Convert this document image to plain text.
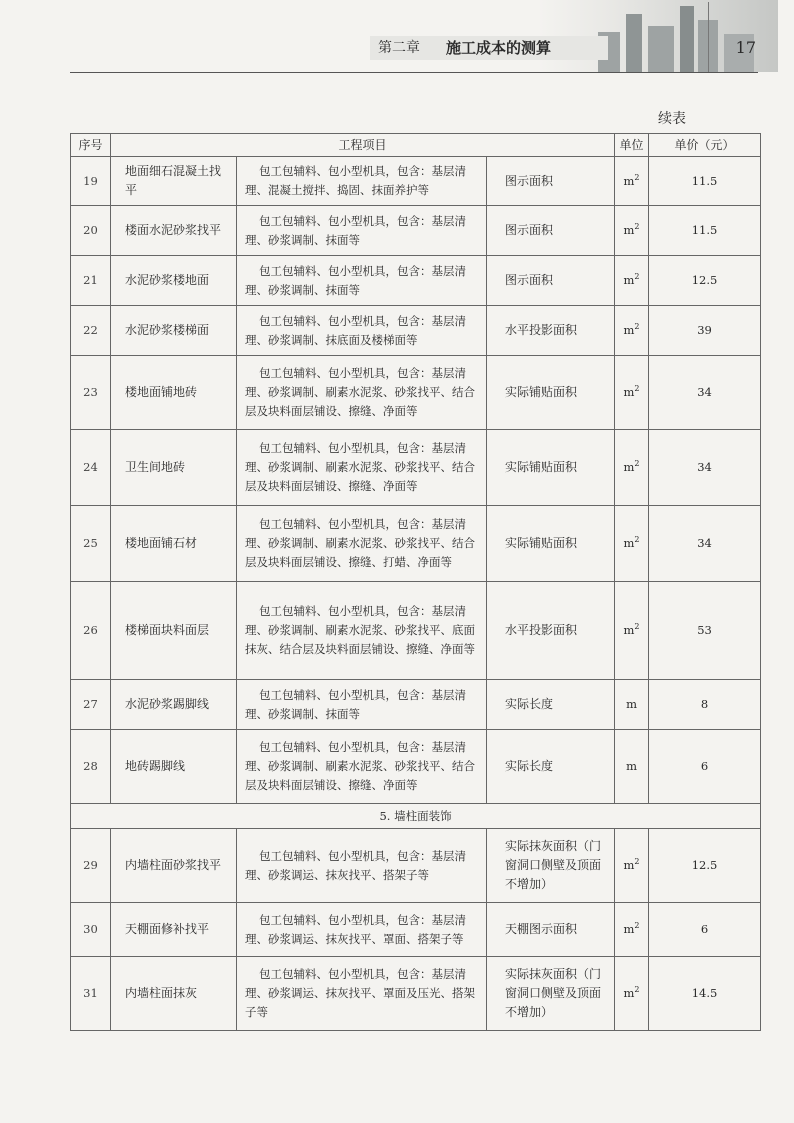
第二章 施工成本的测算	17
续表
序号	工程项目			单位	单价（元）
19	地面细石混凝土找平	包工包辅料、包小型机具，包含：基层清理、混凝土搅拌、捣固、抹面养护等	图示面积	$m^2$	11.5
20	楼面水泥砂浆找平	包工包辅料、包小型机具，包含：基层清理、砂浆调制、抹面等	图示面积	$m^2$	11.5
21	水泥砂浆楼地面	包工包辅料、包小型机具，包含：基层清理、砂浆调制、抹面等	图示面积	$m^2$	12.5
22	水泥砂浆楼梯面	包工包辅料、包小型机具，包含：基层清理、砂浆调制、抹底面及楼梯面等	水平投影面积	$m^2$	39
23	楼地面铺地砖	包工包辅料、包小型机具，包含：基层清理、砂浆调制、刷素水泥浆、砂浆找平、结合层及块料面层铺设、擦缝、净面等	实际铺贴面积	$m^2$	34
24	卫生间地砖	包工包辅料、包小型机具，包含：基层清理、砂浆调制、刷素水泥浆、砂浆找平、结合层及块料面层铺设、擦缝、净面等	实际铺贴面积	$m^2$	34
25	楼地面铺石材	包工包辅料、包小型机具，包含：基层清理、砂浆调制、刷素水泥浆、砂浆找平、结合层及块料面层铺设、擦缝、打蜡、净面等	实际铺贴面积	$m^2$	34
26	楼梯面块料面层	包工包辅料、包小型机具，包含：基层清理、砂浆调制、刷素水泥浆、砂浆找平、底面抹灰、结合层及块料面层铺设、擦缝、净面等	水平投影面积	$m^2$	53
27	水泥砂浆踢脚线	包工包辅料、包小型机具，包含：基层清理、砂浆调制、抹面等	实际长度	m	8
28	地砖踢脚线	包工包辅料、包小型机具，包含：基层清理、砂浆调制、刷素水泥浆、砂浆找平、结合层及块料面层铺设、擦缝、净面等	实际长度	m	6
5. 墙柱面装饰					
29	内墙柱面砂浆找平	包工包辅料、包小型机具，包含：基层清理、砂浆调运、抹灰找平、搭架子等	实际抹灰面积（门窗洞口侧壁及顶面不增加）	$m^2$	12.5
30	天棚面修补找平	包工包辅料、包小型机具，包含：基层清理、砂浆调运、抹灰找平、罩面、搭架子等	天棚图示面积	$m^2$	6
31	内墙柱面抹灰	包工包辅料、包小型机具，包含：基层清理、砂浆调运、抹灰找平、罩面及压光、搭架子等	实际抹灰面积（门窗洞口侧壁及顶面不增加）	$m^2$	14.5
